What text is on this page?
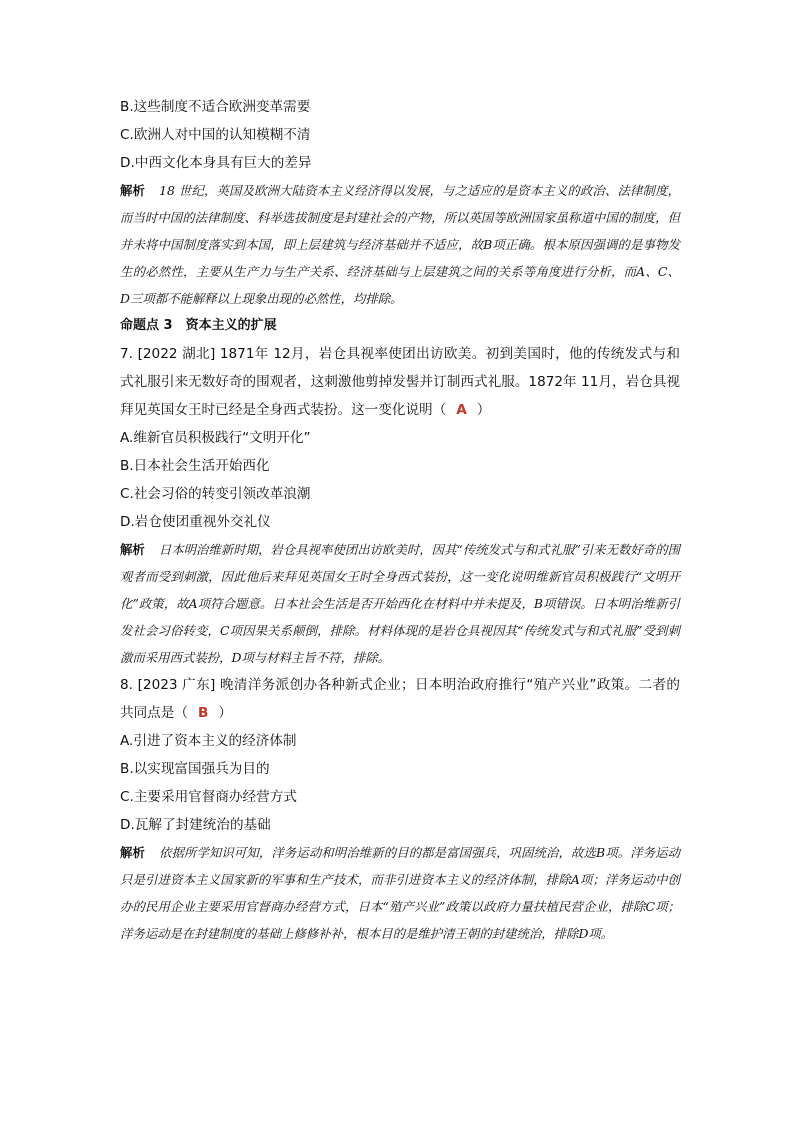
B.这些制度不适合欧洲变革需要

C.欧洲人对中国的认知模糊不清

D.中西文化本身具有巨大的差异

解析 18 世纪，英国及欧洲大陆资本主义经济得以发展，与之适应的是资本主义的政治、法律制度，而当时中国的法律制度、科举选拔制度是封建社会的产物，所以英国等欧洲国家虽称道中国的制度，但并未将中国制度落实到本国，即上层建筑与经济基础并不适应，故B项正确。根本原因强调的是事物发生的必然性，主要从生产力与生产关系、经济基础与上层建筑之间的关系等角度进行分析，而A、C、D三项都不能解释以上现象出现的必然性，均排除。

命题点 3　资本主义的扩展

7. [2022 湖北] 1871年 12月，岩仓具视率使团出访欧美。初到美国时，他的传统发式与和式礼服引来无数好奇的围观者，这刺激他剪掉发髻并订制西式礼服。1872年 11月，岩仓具视拜见英国女王时已经是全身西式装扮。这一变化说明（ A ）

A.维新官员积极践行“文明开化”

B.日本社会生活开始西化

C.社会习俗的转变引领改革浪潮

D.岩仓使团重视外交礼仪

解析 日本明治维新时期，岩仓具视率使团出访欧美时，因其“传统发式与和式礼服”引来无数好奇的围观者而受到刺激，因此他后来拜见英国女王时全身西式装扮，这一变化说明维新官员积极践行“文明开化”政策，故A项符合题意。日本社会生活是否开始西化在材料中并未提及，B项错误。日本明治维新引发社会习俗转变，C项因果关系颠倒，排除。材料体现的是岩仓具视因其“传统发式与和式礼服”受到刺激而采用西式装扮，D项与材料主旨不符，排除。

8. [2023 广东] 晚清洋务派创办各种新式企业；日本明治政府推行“殖产兴业”政策。二者的共同点是（ B ）

A.引进了资本主义的经济体制

B.以实现富国强兵为目的

C.主要采用官督商办经营方式

D.瓦解了封建统治的基础

解析 依据所学知识可知，洋务运动和明治维新的目的都是富国强兵，巩固统治，故选B项。洋务运动只是引进资本主义国家新的军事和生产技术，而非引进资本主义的经济体制，排除A项；洋务运动中创办的民用企业主要采用官督商办经营方式，日本“殖产兴业”政策以政府力量扶植民营企业，排除C项；洋务运动是在封建制度的基础上修修补补，根本目的是维护清王朝的封建统治，排除D项。
